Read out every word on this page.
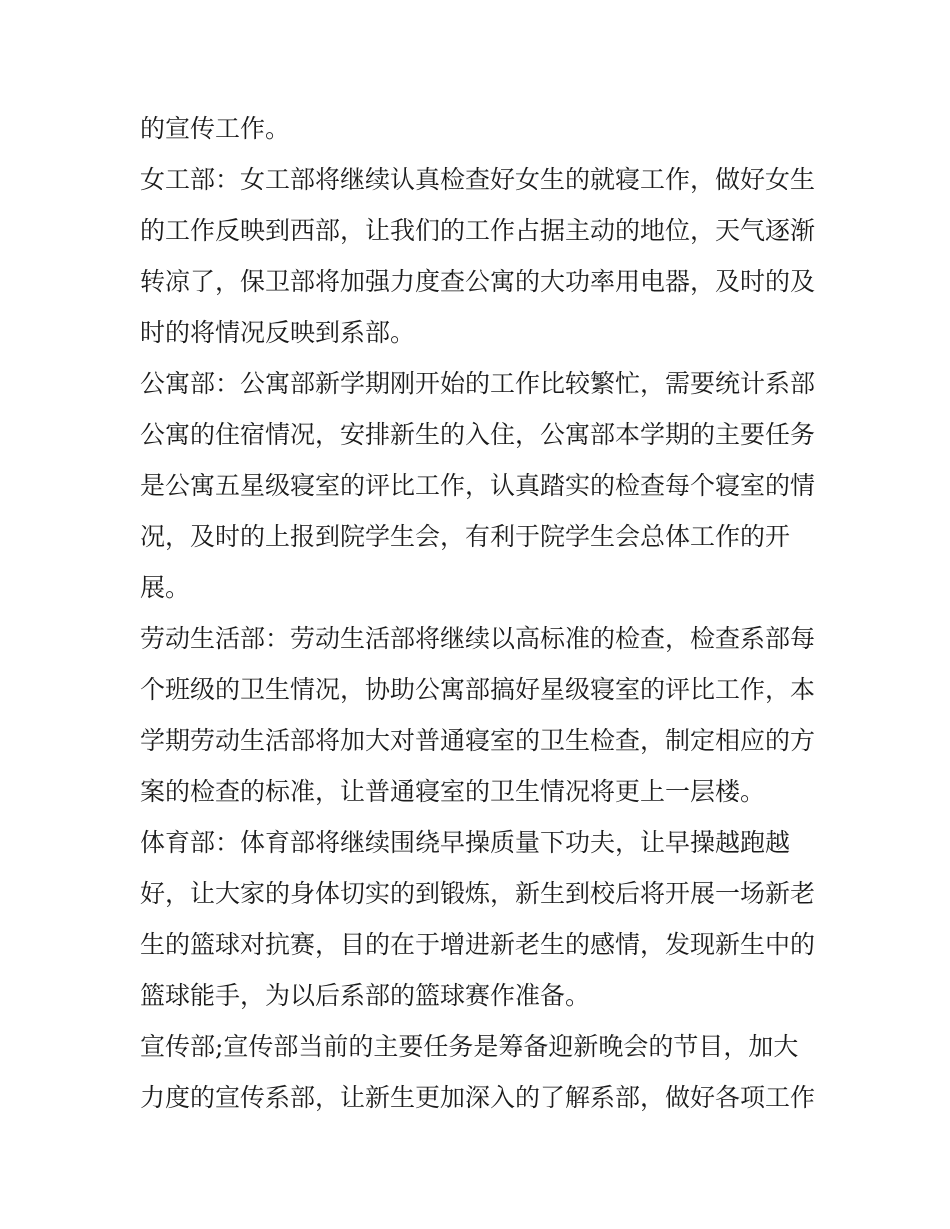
的宣传工作。
女工部：女工部将继续认真检查好女生的就寝工作，做好女生
的工作反映到西部，让我们的工作占据主动的地位，天气逐渐
转凉了，保卫部将加强力度查公寓的大功率用电器，及时的及
时的将情况反映到系部。
公寓部：公寓部新学期刚开始的工作比较繁忙，需要统计系部
公寓的住宿情况，安排新生的入住，公寓部本学期的主要任务
是公寓五星级寝室的评比工作，认真踏实的检查每个寝室的情
况，及时的上报到院学生会，有利于院学生会总体工作的开
展。
劳动生活部：劳动生活部将继续以高标准的检查，检查系部每
个班级的卫生情况，协助公寓部搞好星级寝室的评比工作，本
学期劳动生活部将加大对普通寝室的卫生检查，制定相应的方
案的检查的标准，让普通寝室的卫生情况将更上一层楼。
体育部：体育部将继续围绕早操质量下功夫，让早操越跑越
好，让大家的身体切实的到锻炼，新生到校后将开展一场新老
生的篮球对抗赛，目的在于增进新老生的感情，发现新生中的
篮球能手，为以后系部的篮球赛作准备。
宣传部;宣传部当前的主要任务是筹备迎新晚会的节目，加大
力度的宣传系部，让新生更加深入的了解系部，做好各项工作
